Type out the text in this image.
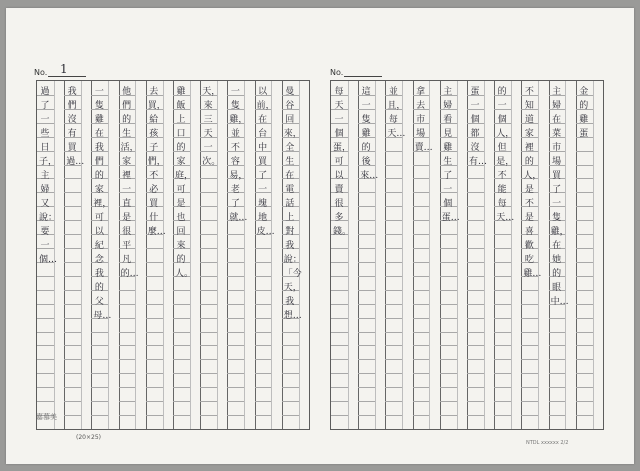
No. 1	No.
曼谷回來，全生在電話上對我說：「今天，我想…
以前，在台中買了一塊地皮…
一隻雞，並不容易，老了就…
天，來三天一次。
雞飯上口的家庭，可是也回來的人。
去買，給孩子們，不必買什麼…
他們的生活，家裡一直是很平凡的…
一隻雞在我們的家裡，可以紀念我的父母…
我們沒有買過…
過了一些日子，主婦又說：要一個…
金的雞蛋
主婦在菜市場買了一隻雞，在她的眼中…
不知道家裡的人，是不是喜歡吃雞…
的一個人，但是，不能每天…
蛋一個都沒有…
主婦看見雞生了一個蛋…
拿去市場賣…
並且，每天…
這一隻雞的後來…
每天一個蛋，可以賣很多錢。
嘉慕美
(20×25)
NTDL xxxxxx 2/2
